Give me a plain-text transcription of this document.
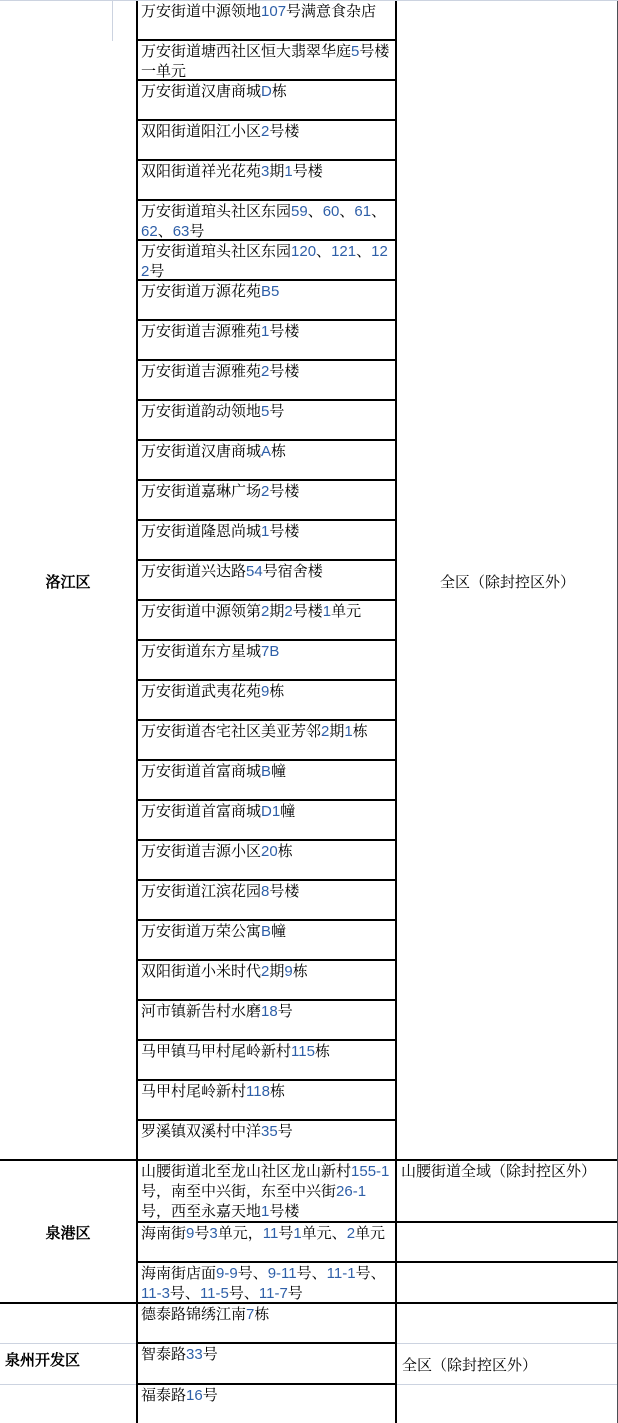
洛江区
万安街道中源领地107号满意食杂店
万安街道塘西社区恒大翡翠华庭5号楼一单元
万安街道汉唐商城D栋
双阳街道阳江小区2号楼
双阳街道祥光花苑3期1号楼
万安街道琯头社区东园59、60、61、62、63号
万安街道琯头社区东园120、121、122号
万安街道万源花苑B5
万安街道吉源雅苑1号楼
万安街道吉源雅苑2号楼
万安街道韵动领地5号
万安街道汉唐商城A栋
万安街道嘉琳广场2号楼
万安街道隆恩尚城1号楼
万安街道兴达路54号宿舍楼
万安街道中源领第2期2号楼1单元
万安街道东方星城7B
万安街道武夷花苑9栋
万安街道杏宅社区美亚芳邻2期1栋
万安街道首富商城B幢
万安街道首富商城D1幢
万安街道吉源小区20栋
万安街道江滨花园8号楼
万安街道万荣公寓B幢
双阳街道小米时代2期9栋
河市镇新告村水磨18号
马甲镇马甲村尾岭新村115栋
马甲村尾岭新村118栋
罗溪镇双溪村中洋35号
全区（除封控区外）
泉港区
山腰街道北至龙山社区龙山新村155-1号，南至中兴街，东至中兴街26-1号，西至永嘉天地1号楼
海南街9号3单元，11号1单元、2单元
海南街店面9-9号、9-11号、11-1号、11-3号、11-5号、11-7号
山腰街道全域（除封控区外）
泉州开发区
德泰路锦绣江南7栋
智泰路33号
福泰路16号
全区（除封控区外）
